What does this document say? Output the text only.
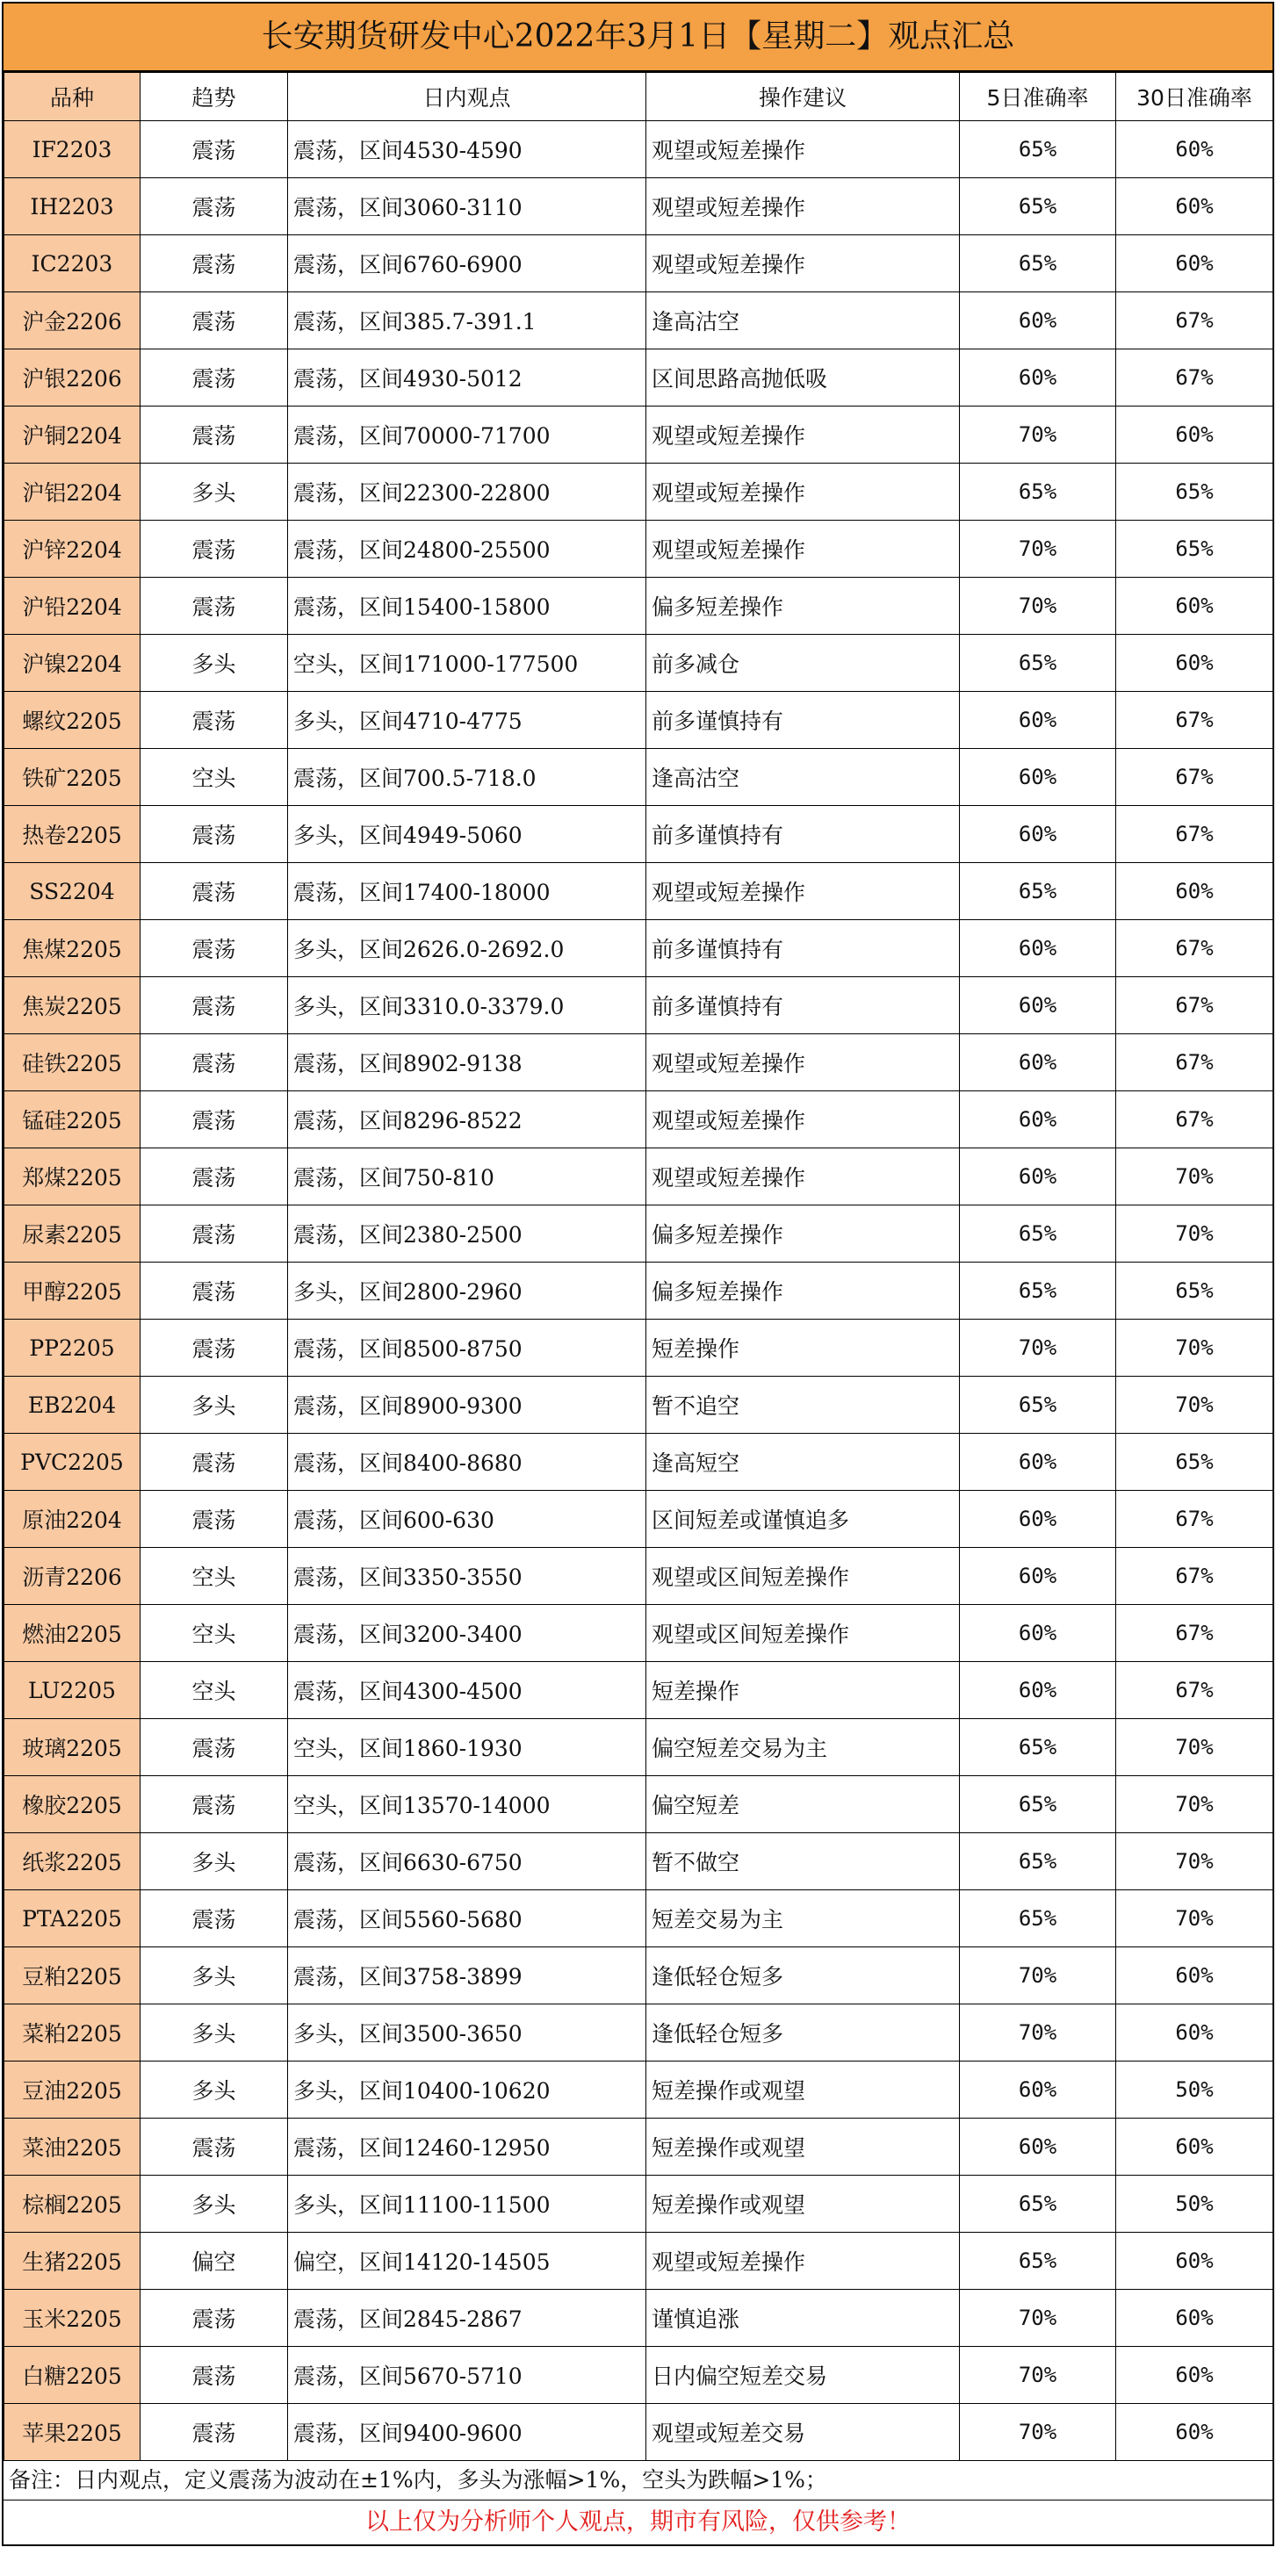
长安期货研发中心2022年3月1日【星期二】观点汇总
品种	趋势	日内观点	操作建议	5日准确率	30日准确率
IF2203	震荡	震荡，区间4530-4590	观望或短差操作	65%	60%
IH2203	震荡	震荡，区间3060-3110	观望或短差操作	65%	60%
IC2203	震荡	震荡，区间6760-6900	观望或短差操作	65%	60%
沪金2206	震荡	震荡，区间385.7-391.1	逢高沽空	60%	67%
沪银2206	震荡	震荡，区间4930-5012	区间思路高抛低吸	60%	67%
沪铜2204	震荡	震荡，区间70000-71700	观望或短差操作	70%	60%
沪铝2204	多头	震荡，区间22300-22800	观望或短差操作	65%	65%
沪锌2204	震荡	震荡，区间24800-25500	观望或短差操作	70%	65%
沪铅2204	震荡	震荡，区间15400-15800	偏多短差操作	70%	60%
沪镍2204	多头	空头，区间171000-177500	前多减仓	65%	60%
螺纹2205	震荡	多头，区间4710-4775	前多谨慎持有	60%	67%
铁矿2205	空头	震荡，区间700.5-718.0	逢高沽空	60%	67%
热卷2205	震荡	多头，区间4949-5060	前多谨慎持有	60%	67%
SS2204	震荡	震荡，区间17400-18000	观望或短差操作	65%	60%
焦煤2205	震荡	多头，区间2626.0-2692.0	前多谨慎持有	60%	67%
焦炭2205	震荡	多头，区间3310.0-3379.0	前多谨慎持有	60%	67%
硅铁2205	震荡	震荡，区间8902-9138	观望或短差操作	60%	67%
锰硅2205	震荡	震荡，区间8296-8522	观望或短差操作	60%	67%
郑煤2205	震荡	震荡，区间750-810	观望或短差操作	60%	70%
尿素2205	震荡	震荡，区间2380-2500	偏多短差操作	65%	70%
甲醇2205	震荡	多头，区间2800-2960	偏多短差操作	65%	65%
PP2205	震荡	震荡，区间8500-8750	短差操作	70%	70%
EB2204	多头	震荡，区间8900-9300	暂不追空	65%	70%
PVC2205	震荡	震荡，区间8400-8680	逢高短空	60%	65%
原油2204	震荡	震荡，区间600-630	区间短差或谨慎追多	60%	67%
沥青2206	空头	震荡，区间3350-3550	观望或区间短差操作	60%	67%
燃油2205	空头	震荡，区间3200-3400	观望或区间短差操作	60%	67%
LU2205	空头	震荡，区间4300-4500	短差操作	60%	67%
玻璃2205	震荡	空头，区间1860-1930	偏空短差交易为主	65%	70%
橡胶2205	震荡	空头，区间13570-14000	偏空短差	65%	70%
纸浆2205	多头	震荡，区间6630-6750	暂不做空	65%	70%
PTA2205	震荡	震荡，区间5560-5680	短差交易为主	65%	70%
豆粕2205	多头	震荡，区间3758-3899	逢低轻仓短多	70%	60%
菜粕2205	多头	多头，区间3500-3650	逢低轻仓短多	70%	60%
豆油2205	多头	多头，区间10400-10620	短差操作或观望	60%	50%
菜油2205	震荡	震荡，区间12460-12950	短差操作或观望	60%	60%
棕榈2205	多头	多头，区间11100-11500	短差操作或观望	65%	50%
生猪2205	偏空	偏空，区间14120-14505	观望或短差操作	65%	60%
玉米2205	震荡	震荡，区间2845-2867	谨慎追涨	70%	60%
白糖2205	震荡	震荡，区间5670-5710	日内偏空短差交易	70%	60%
苹果2205	震荡	震荡，区间9400-9600	观望或短差交易	70%	60%
备注：日内观点，定义震荡为波动在±1%内，多头为涨幅>1%，空头为跌幅>1%；
以上仅为分析师个人观点，期市有风险，仅供参考！
